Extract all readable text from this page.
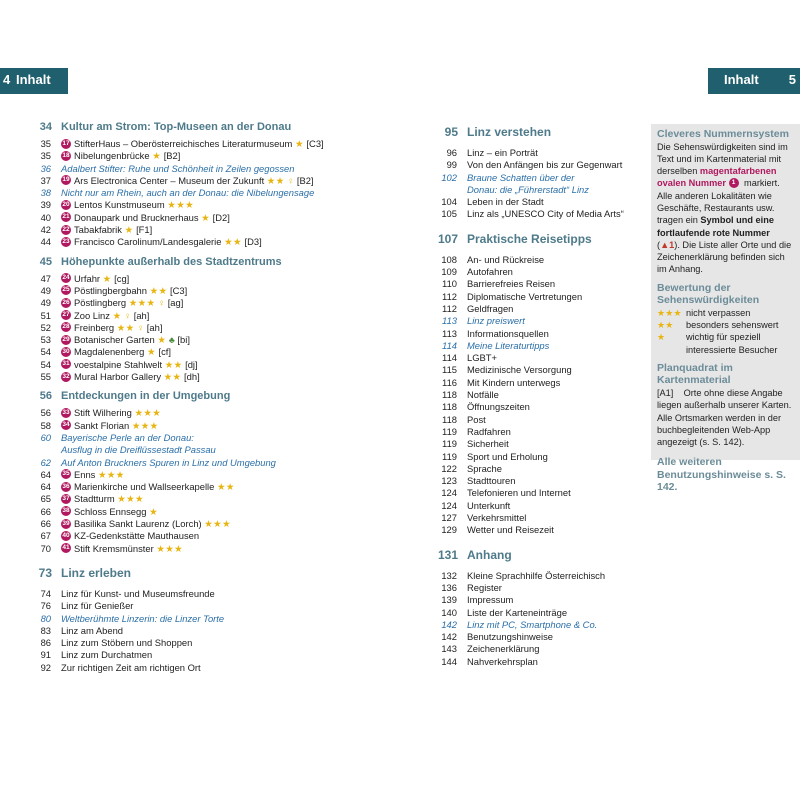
4 Inhalt	Inhalt 5
34 Kultur am Strom: Top-Museen an der Donau
35 17 StifterHaus – Oberösterreichisches Literaturmuseum ★ [C3]
35 18 Nibelungenbrücke ★ [B2]
36 Adalbert Stifter: Ruhe und Schönheit in Zeilen gegossen
37 19 Ars Electronica Center – Museum der Zukunft ★★ ♀ [B2]
38 Nicht nur am Rhein, auch an der Donau: die Nibelungensage
39 20 Lentos Kunstmuseum ★★★
40 21 Donaupark und Brucknerhaus ★ [D2]
42 22 Tabakfabrik ★ [F1]
44 23 Francisco Carolinum/Landesgalerie ★★ [D3]
45 Höhepunkte außerhalb des Stadtzentrums
47 24 Urfahr ★ [cg]
49 25 Pöstlingbergbahn ★★ [C3]
49 26 Pöstlingberg ★★★ ♀ [ag]
51 27 Zoo Linz ★ ♀ [ah]
52 28 Freinberg ★★ ♀ [ah]
53 29 Botanischer Garten ★ ♣ [bi]
54 30 Magdalenenberg ★ [cf]
54 31 voestalpine Stahlwelt ★★ [dj]
55 32 Mural Harbor Gallery ★★ [dh]
56 Entdeckungen in der Umgebung
56 33 Stift Wilhering ★★★
58 34 Sankt Florian ★★★
60 Bayerische Perle an der Donau:
Ausflug in die Dreiflüssestadt Passau
62 Auf Anton Bruckners Spuren in Linz und Umgebung
64 35 Enns ★★★
64 36 Marienkirche und Wallseerkapelle ★★
65 37 Stadtturm ★★★
66 38 Schloss Ennsegg ★
66 39 Basilika Sankt Laurenz (Lorch) ★★★
67 40 KZ-Gedenkstätte Mauthausen
70 41 Stift Kremsmünster ★★★
73 Linz erleben
74 Linz für Kunst- und Museumsfreunde
76 Linz für Genießer
80 Weltberühmte Linzerin: die Linzer Torte
83 Linz am Abend
86 Linz zum Stöbern und Shoppen
91 Linz zum Durchatmen
92 Zur richtigen Zeit am richtigen Ort
95 Linz verstehen
96 Linz – ein Porträt
99 Von den Anfängen bis zur Gegenwart
102 Braune Schatten über der
Donau: die „Führerstadt“ Linz
104 Leben in der Stadt
105 Linz als „UNESCO City of Media Arts“
107 Praktische Reisetipps
108 An- und Rückreise
109 Autofahren
110 Barrierefreies Reisen
112 Diplomatische Vertretungen
112 Geldfragen
113 Linz preiswert
113 Informationsquellen
114 Meine Literaturtipps
114 LGBT+
115 Medizinische Versorgung
116 Mit Kindern unterwegs
118 Notfälle
118 Öffnungszeiten
118 Post
119 Radfahren
119 Sicherheit
119 Sport und Erholung
122 Sprache
123 Stadttouren
124 Telefonieren und Internet
124 Unterkunft
127 Verkehrsmittel
129 Wetter und Reisezeit
131 Anhang
132 Kleine Sprachhilfe Österreichisch
136 Register
139 Impressum
140 Liste der Karteneinträge
142 Linz mit PC, Smartphone & Co.
142 Benutzungshinweise
143 Zeichenerklärung
144 Nahverkehrsplan
Cleveres Nummernsystem

Die Sehenswürdigkeiten sind im Text und im Kartenmaterial mit derselben magentafarbenen ovalen Nummer 1 markiert. Alle anderen Lokalitäten wie Geschäfte, Restaurants usw. tragen ein Symbol und eine fortlaufende rote Nummer (▲1). Die Liste aller Orte und die Zeichenerklärung befinden sich im Anhang.

Bewertung der Sehenswürdigkeiten
★★★ nicht verpassen
★★ besonders sehenswert
★ wichtig für speziell
interessierte Besucher
Planquadrat im Kartenmaterial

[A1] Orte ohne diese Angabe liegen außerhalb unserer Karten. Alle Ortsmarken werden in der buchbegleitenden Web-App angezeigt (s. S. 142).

Alle weiteren Benutzungshinweise s. S. 142.
